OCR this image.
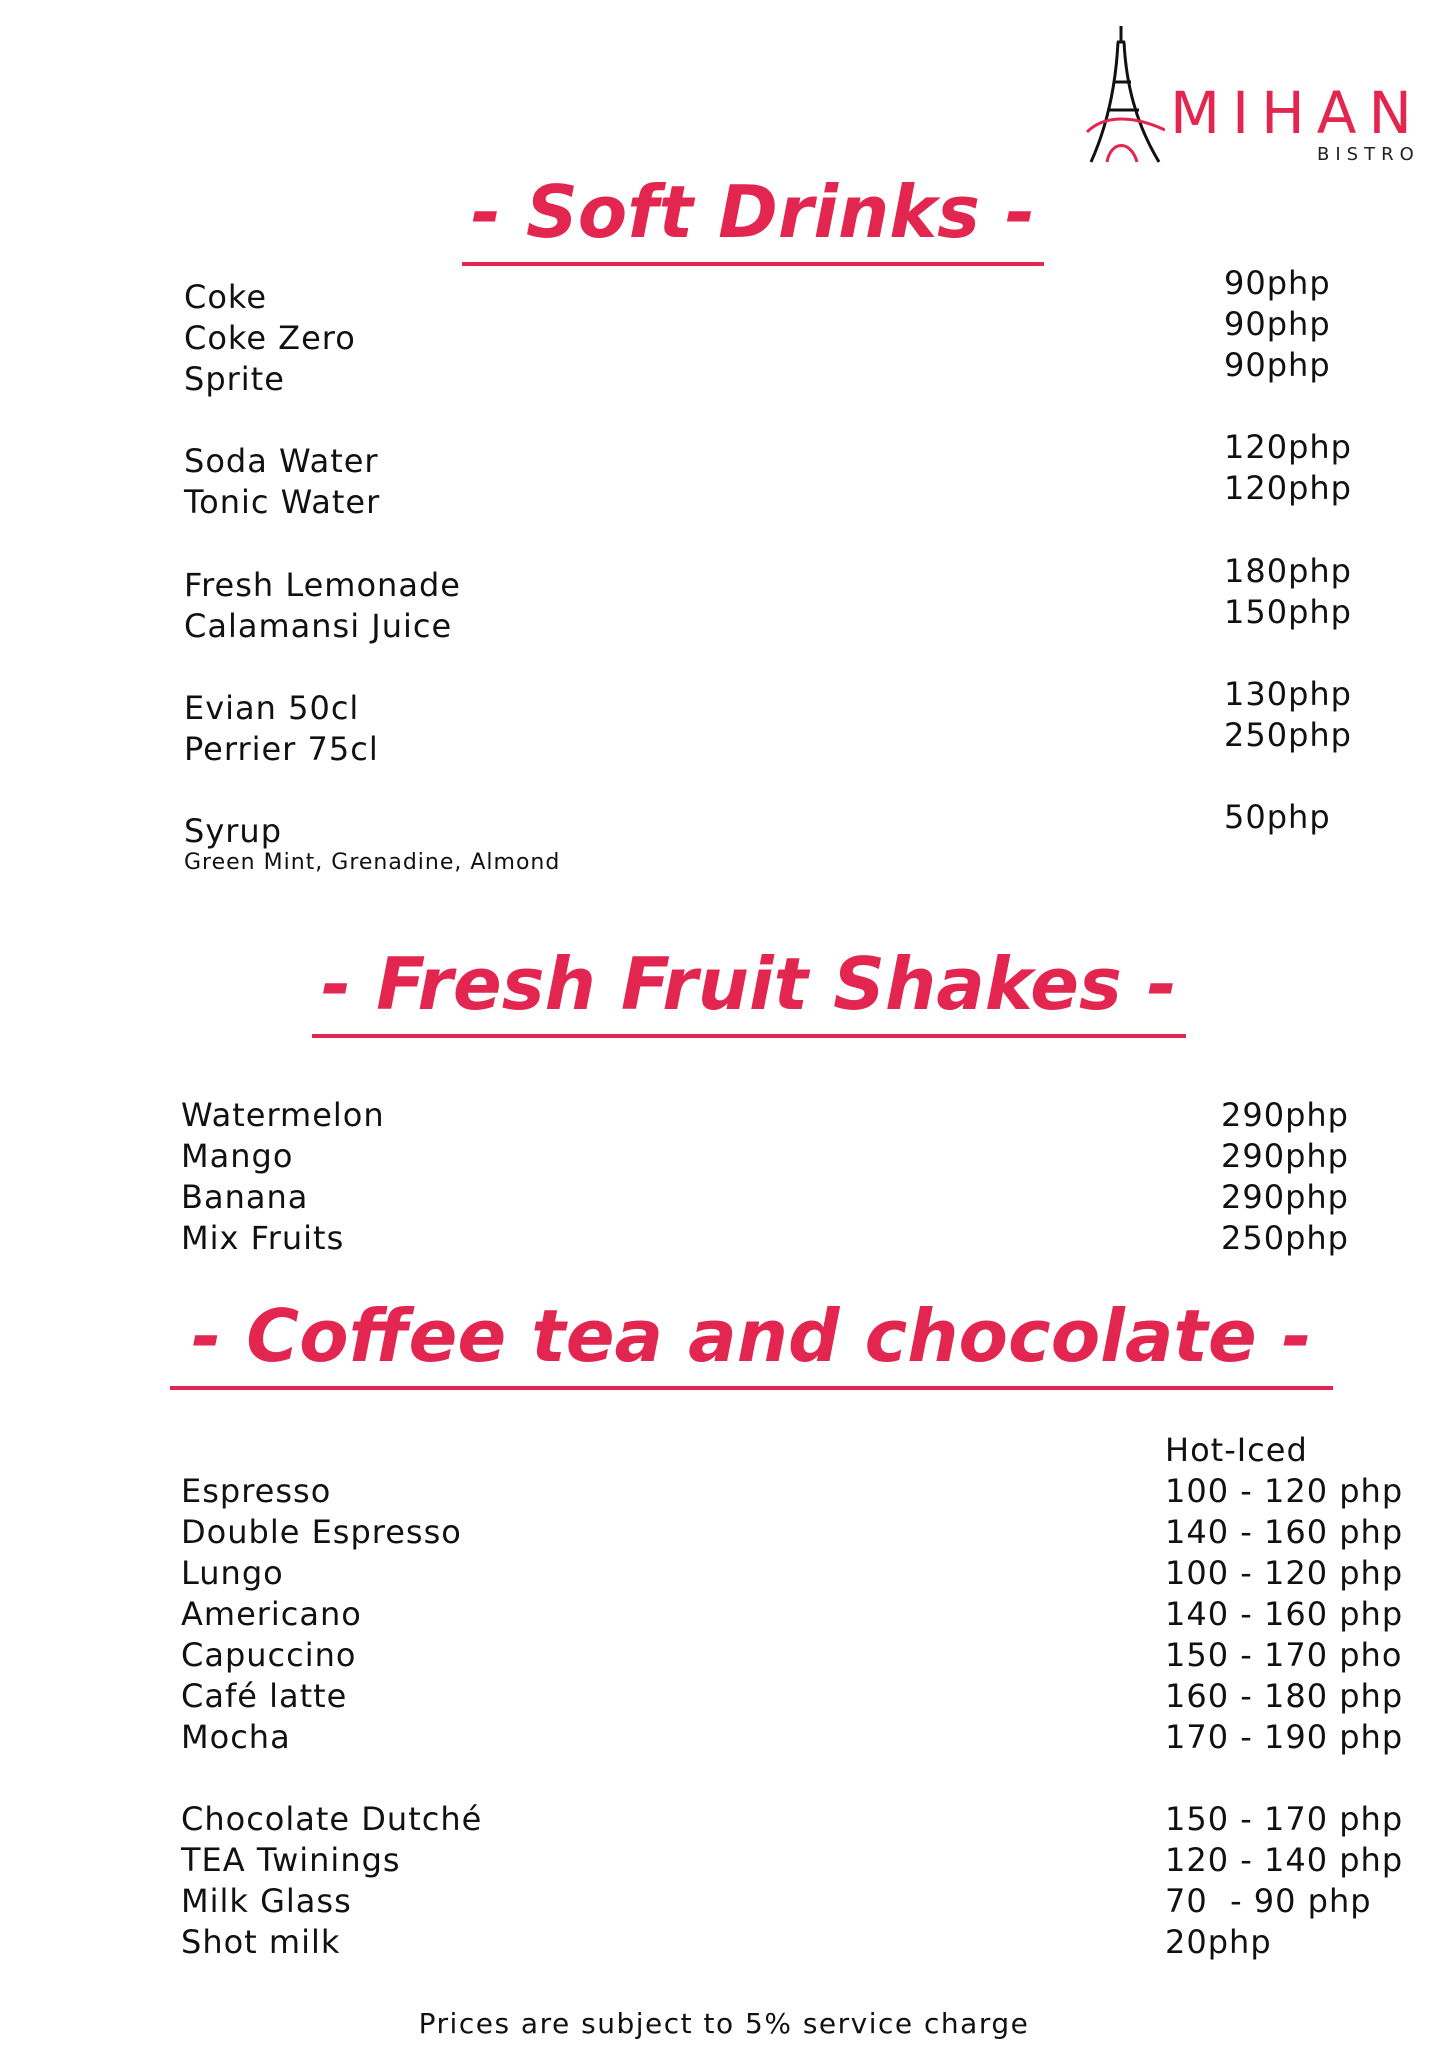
MIHAN
BISTRO
- Soft Drinks -
Coke	90php
Coke Zero	90php
Sprite	90php
Soda Water	120php
Tonic Water	120php
Fresh Lemonade	180php
Calamansi Juice	150php
Evian 50cl	130php
Perrier 75cl	250php
Syrup	50php
Green Mint, Grenadine, Almond
- Fresh Fruit Shakes -
Watermelon	290php
Mango	290php
Banana	290php
Mix Fruits	250php
- Coffee tea and chocolate -
Hot-Iced
Espresso	100 - 120 php
Double Espresso	140 - 160 php
Lungo	100 - 120 php
Americano	140 - 160 php
Capuccino	150 - 170 pho
Café latte	160 - 180 php
Mocha	170 - 190 php
Chocolate Dutché	150 - 170 php
TEA Twinings	120 - 140 php
Milk Glass	70  - 90 php
Shot milk	20php
Prices are subject to 5% service charge
